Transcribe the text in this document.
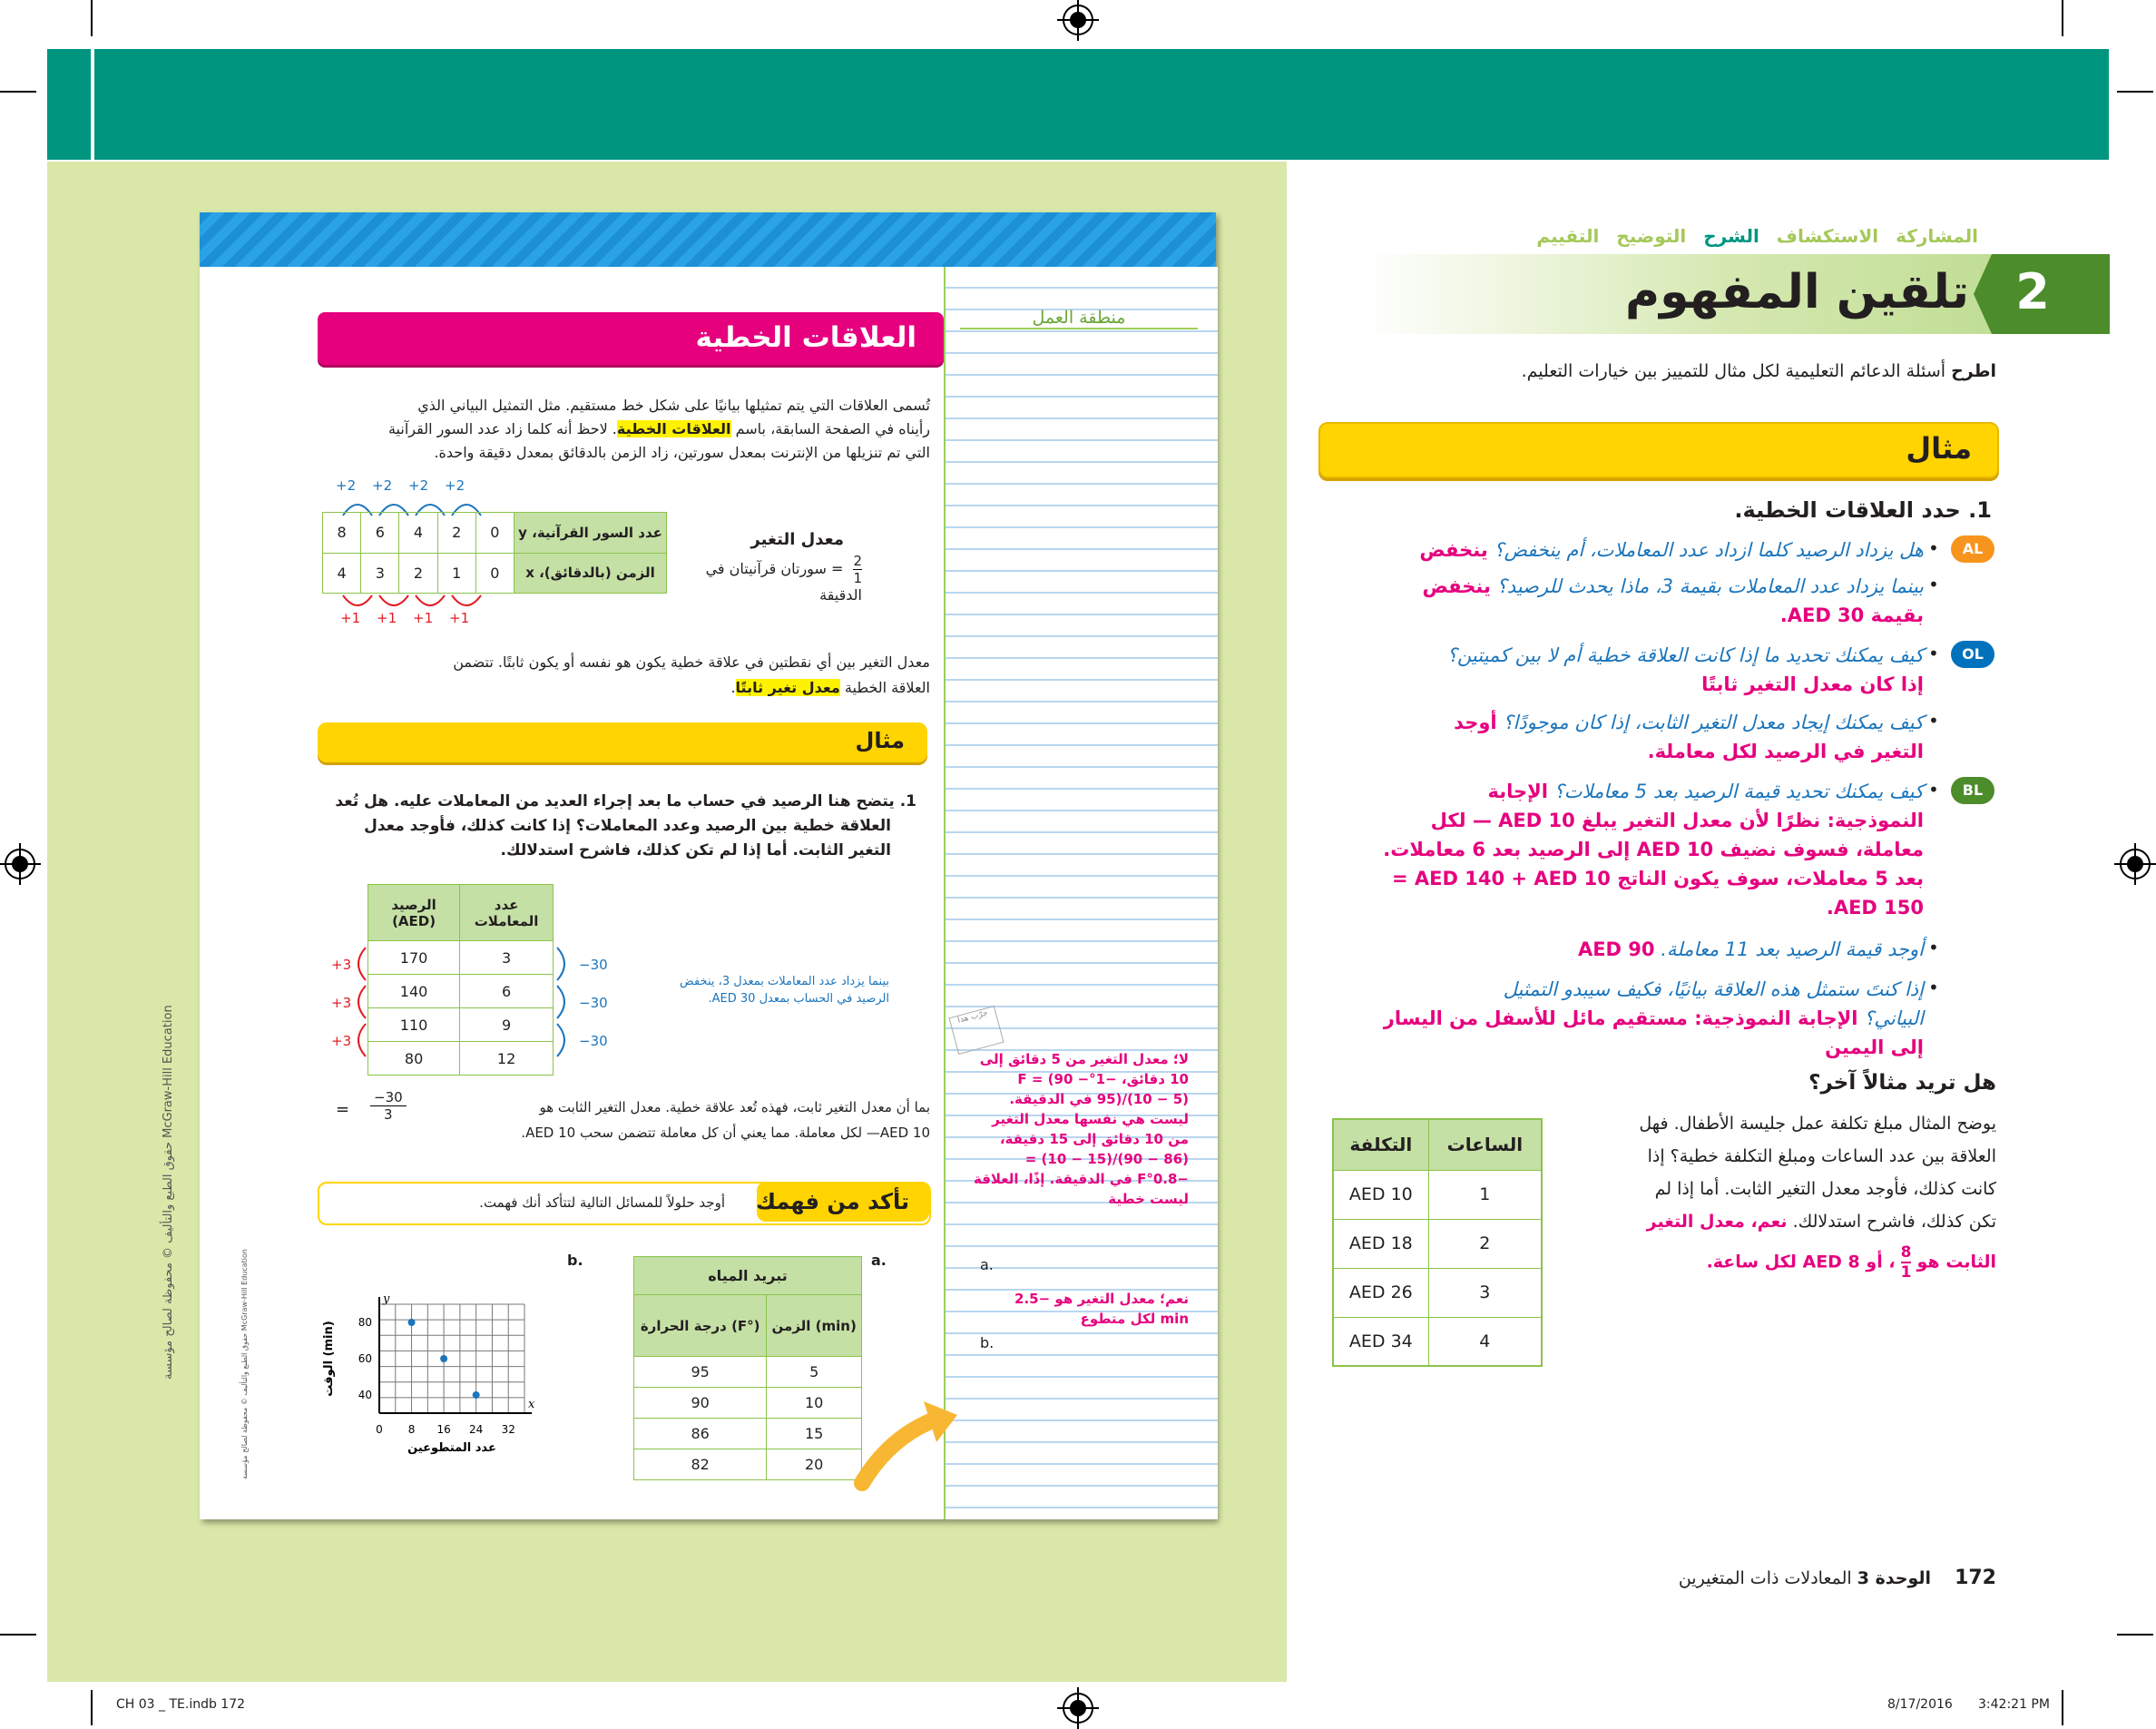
منطقة العمل
العلاقات الخطية
تُسمى العلاقات التي يتم تمثيلها بيانيًا على شكل خط مستقيم. مثل التمثيل البياني الذي
رأيناه في الصفحة السابقة، باسم العلاقات الخطية. لاحظ أنه كلما زاد عدد السور القرآنية
التي تم تنزيلها من الإنترنت بمعدل سورتين، زاد الزمن بالدقائق بمعدل دقيقة واحدة.
+2 +2 +2 +2
8	6	4	2	0	عدد السور القرآنية، y
4	3	2	1	0	الزمن (بالدقائق)، x
+1 +1 +1 +1
معدل التغير
$\frac{2}{1}$
= سورتان قرآنيتان في الدقيقة
معدل التغير بين أي نقطتين في علاقة خطية يكون هو نفسه أو يكون ثابتًا. تتضمن
العلاقة الخطية معدل تغير ثابتًا.
مثال
1. يتضح هنا الرصيد في حساب ما بعد إجراء العديد من المعاملات عليه. هل تُعد
العلاقة خطية بين الرصيد وعدد المعاملات؟ إذا كانت كذلك، فأوجد معدل
التغير الثابت. أما إذا لم تكن كذلك، فاشرح استدلالك.
الرصيد (AED)	عدد المعاملات
170	3
140	6
110	9
80	12
+3
+3
+3
−30
−30
−30
بينما يزداد عدد المعاملات بمعدل 3، ينخفض
الرصيد في الحساب بمعدل AED 30.
= $\frac{-30}{3}$	بما أن معدل التغير ثابت، فهذه تُعد علاقة خطية. معدل التغير الثابت هو
AED 10— لكل معاملة. مما يعني أن كل معاملة تتضمن سحب AED 10.
تأكد من فهمك
أوجد حلولاً للمسائل التالية لتتأكد أنك فهمت.
b.	a.
تبريد المياه	
درجة الحرارة (F°)	الزمن (min)
95	5
90	10
86	15
82	20
0 8 16 24 32
40
60
80
x
y
عدد المتطوعين
الوقت (min)
جرّب هذا
لا؛ معدل التغير من 5 دقائق إلى 10 دقائق، −1°F = (90 − 95)/(10 − 5) في الدقيقة. ليست هي نفسها معدل التغير من 10 دقائق إلى 15 دقيقة، (86 − 90)/(15 − 10) = −0.8°F في الدقيقة. إذًا، العلاقة ليست خطية
a.
نعم؛ معدل التغير هو −2.5 min لكل متطوع
b.
حقوق الطبع والتأليف © محفوظة لصالح مؤسسة McGraw-Hill Education
حقوق الطبع والتأليف © محفوظة لصالح مؤسسة McGraw-Hill Education
المشاركة الاستكشاف الشرح التوضيح التقييم
2
تلقين المفهوم
اطرح أسئلة الدعائم التعليمية لكل مثال للتمييز بين خيارات التعليم.
مثال
1. حدد العلاقات الخطية.
AL
•
هل يزداد الرصيد كلما ازداد عدد المعاملات، أم ينخفض؟ ينخفض
•
بينما يزداد عدد المعاملات بقيمة 3، ماذا يحدث للرصيد؟ ينخفض
بقيمة AED 30.
OL
•
كيف يمكنك تحديد ما إذا كانت العلاقة خطية أم لا بين كميتين؟
إذا كان معدل التغير ثابتًا
•
كيف يمكنك إيجاد معدل التغير الثابت، إذا كان موجودًا؟ أوجد
التغير في الرصيد لكل معاملة.
BL
•
كيف يمكنك تحديد قيمة الرصيد بعد 5 معاملات؟ الإجابة
النموذجية: نظرًا لأن معدل التغير يبلغ AED 10 — لكل
معاملة، فسوف نضيف AED 10 إلى الرصيد بعد 6 معاملات.
بعد 5 معاملات، سوف يكون الناتج AED 140 + AED 10 =
AED 150.
•
أوجد قيمة الرصيد بعد 11 معاملة. AED 90
•
إذا كنتَ ستمثل هذه العلاقة بيانيًا، فكيف سيبدو التمثيل
البياني؟ الإجابة النموذجية: مستقيم مائل للأسفل من اليسار
إلى اليمين
هل تريد مثالاً آخر؟
يوضح المثال مبلغ تكلفة عمل جليسة الأطفال. فهل
العلاقة بين عدد الساعات ومبلغ التكلفة خطية؟ إذا
كانت كذلك، فأوجد معدل التغير الثابت. أما إذا لم
تكن كذلك، فاشرح استدلالك. نعم، معدل التغير
الثابت هو
$\frac{8}{1}$
، أو AED 8 لكل ساعة.
التكلفة	الساعات
AED 10	1
AED 18	2
AED 26	3
AED 34	4
172 الوحدة 3 المعادلات ذات المتغيرين
CH 03 _ TE.indb 172	8/17/2016 3:42:21 PM
